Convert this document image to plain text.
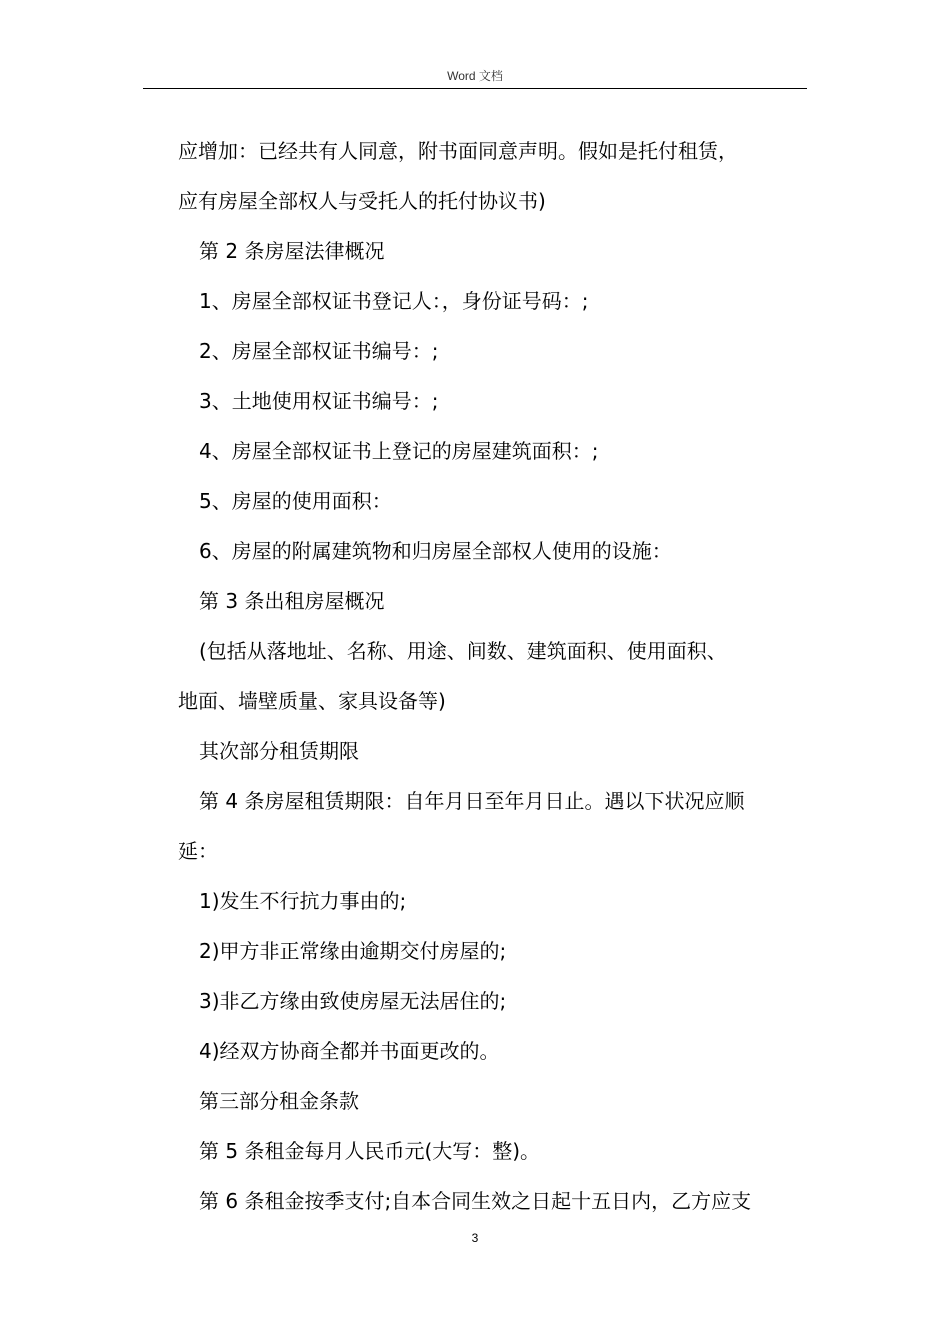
Word 文档

应增加：已经共有人同意，附书面同意声明。假如是托付租赁，

应有房屋全部权人与受托人的托付协议书)

第 2 条房屋法律概况

1、房屋全部权证书登记人：，身份证号码：;

2、房屋全部权证书编号：;

3、土地使用权证书编号：;

4、房屋全部权证书上登记的房屋建筑面积：;

5、房屋的使用面积：

6、房屋的附属建筑物和归房屋全部权人使用的设施：

第 3 条出租房屋概况

(包括从落地址、名称、用途、间数、建筑面积、使用面积、

地面、墙壁质量、家具设备等)

其次部分租赁期限

第 4 条房屋租赁期限：自年月日至年月日止。遇以下状况应顺

延：

1)发生不行抗力事由的;

2)甲方非正常缘由逾期交付房屋的;

3)非乙方缘由致使房屋无法居住的;

4)经双方协商全都并书面更改的。

第三部分租金条款

第 5 条租金每月人民币元(大写：整)。

第 6 条租金按季支付;自本合同生效之日起十五日内，乙方应支

3
